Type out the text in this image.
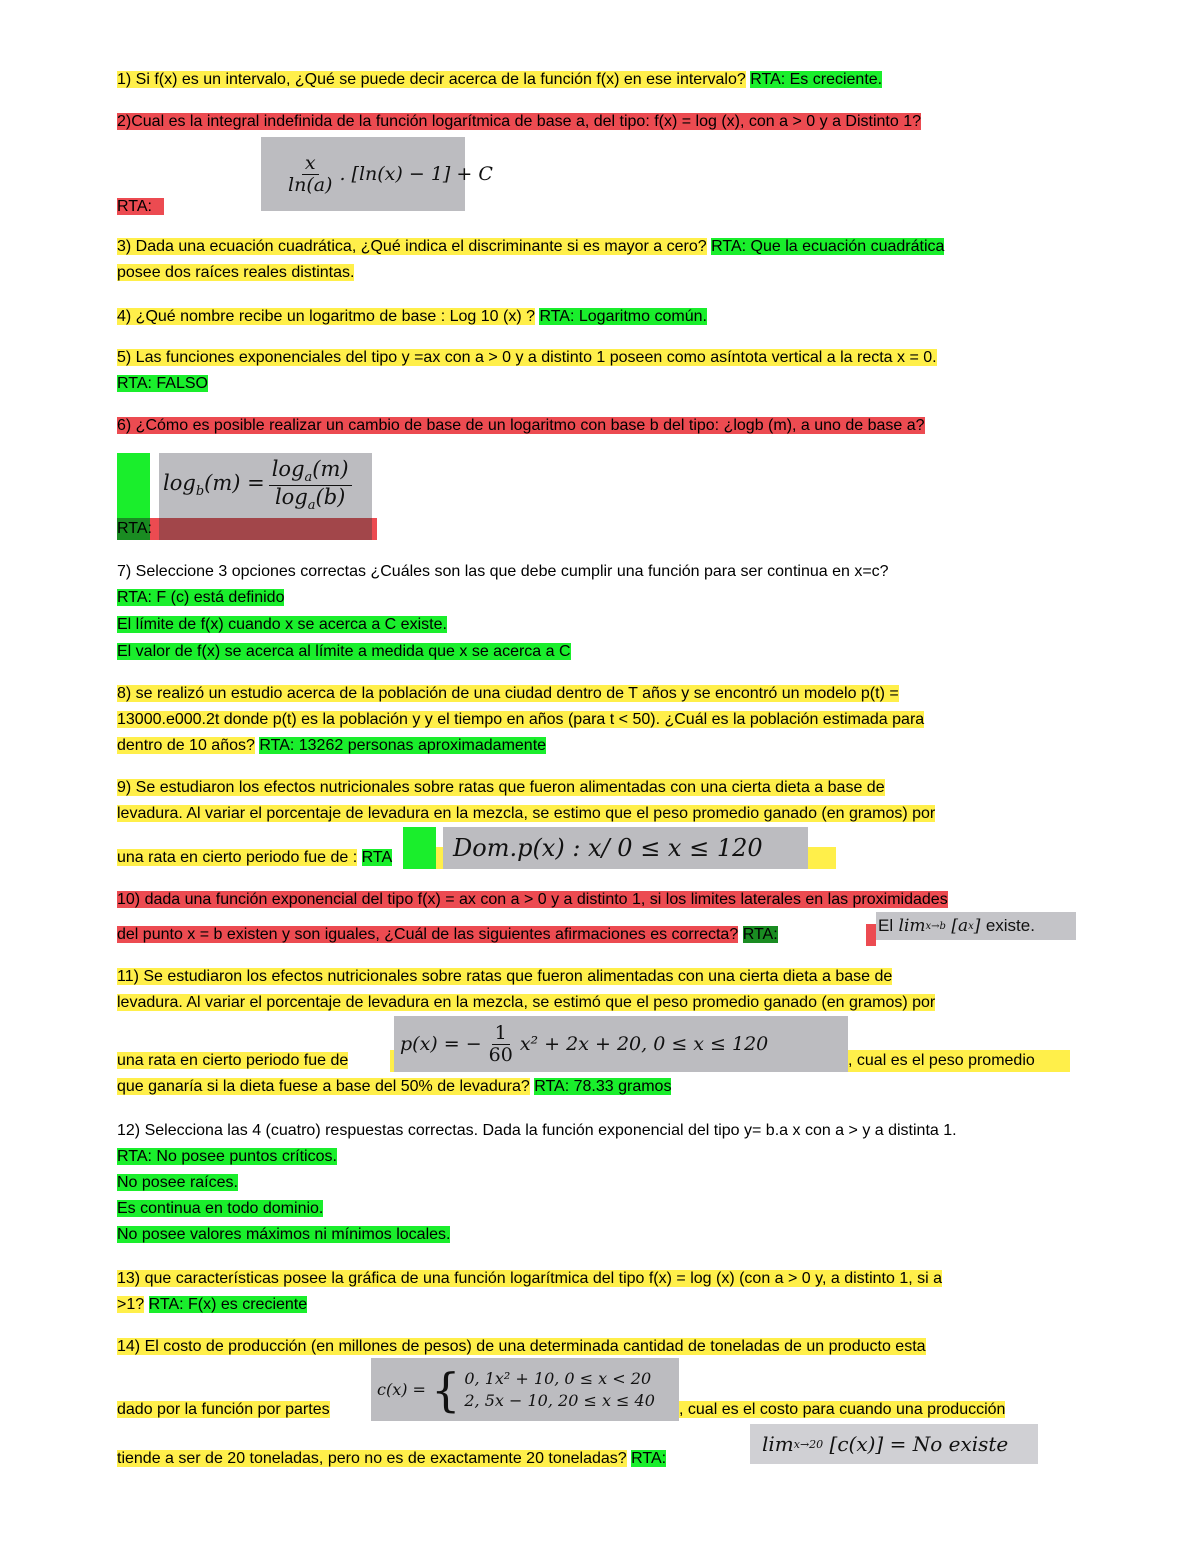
1) Si f(x) es un intervalo, ¿Qué se puede decir acerca de la función f(x) en ese intervalo? RTA: Es creciente.
2)Cual es la integral indefinida de la función logarítmica de base a, del tipo: f(x) = log (x), con a > 0 y a Distinto 1?
$\frac{x}{\ln(a)}$ . [ln(x) − 1] + C
RTA:
3) Dada una ecuación cuadrática, ¿Qué indica el discriminante si es mayor a cero? RTA: Que la ecuación cuadrática
posee dos raíces reales distintas.
4) ¿Qué nombre recibe un logaritmo de base : Log 10 (x) ? RTA: Logaritmo común.
5) Las funciones exponenciales del tipo y =ax con a > 0 y a distinto 1 poseen como asíntota vertical a la recta x = 0.
RTA: FALSO
6) ¿Cómo es posible realizar un cambio de base de un logaritmo con base b del tipo: ¿logb (m), a uno de base a?
$\log_b(m) = \frac{\log_a(m)}{\log_a(b)}$
RTA:
7) Seleccione 3 opciones correctas ¿Cuáles son las que debe cumplir una función para ser continua en x=c?
RTA: F (c) está definido
El límite de f(x) cuando x se acerca a C existe.
El valor de f(x) se acerca al límite a medida que x se acerca a C
8) se realizó un estudio acerca de la población de una ciudad dentro de T años y se encontró un modelo p(t) =
13000.e000.2t donde p(t) es la población y y el tiempo en años (para t < 50). ¿Cuál es la población estimada para
dentro de 10 años? RTA: 13262 personas aproximadamente
9) Se estudiaron los efectos nutricionales sobre ratas que fueron alimentadas con una cierta dieta a base de
levadura. Al variar el porcentaje de levadura en la mezcla, se estimo que el peso promedio ganado (en gramos) por
Dom.p(x) : x/ 0 ≤ x ≤ 120
una rata en cierto periodo fue de : RTA
10) dada una función exponencial del tipo f(x) = ax con a > 0 y a distinto 1, si los limites laterales en las proximidades
del punto x = b existen y son iguales, ¿Cuál de las siguientes afirmaciones es correcta? RTA:	El
lim x→b
[a x ]
existe.
11) Se estudiaron los efectos nutricionales sobre ratas que fueron alimentadas con una cierta dieta a base de
levadura. Al variar el porcentaje de levadura en la mezcla, se estimó que el peso promedio ganado (en gramos) por
una rata en cierto periodo fue de
p(x) = − $\frac{1}{60} x^2 + 2x + 20$, 0 ≤ x ≤ 120
, cual es el peso promedio
que ganaría si la dieta fuese a base del 50% de levadura? RTA: 78.33 gramos
12) Selecciona las 4 (cuatro) respuestas correctas. Dada la función exponencial del tipo y= b.a x con a > y a distinta 1.
RTA: No posee puntos críticos.
No posee raíces.
Es continua en todo dominio.
No posee valores máximos ni mínimos locales.
13) que características posee la gráfica de una función logarítmica del tipo f(x) = log (x) (con a > 0 y, a distinto 1, si a
>1? RTA: F(x) es creciente
14) El costo de producción (en millones de pesos) de una determinada cantidad de toneladas de un producto esta
dado por la función por partes
c(x) =
{ 0, 1x² + 10, 0 ≤ x < 20
2, 5x − 10, 20 ≤ x ≤ 40 , cual es el costo para cuando una producción
tiende a ser de 20 toneladas, pero no es de exactamente 20 toneladas? RTA:
lim x→20
[c(x)] = No existe
